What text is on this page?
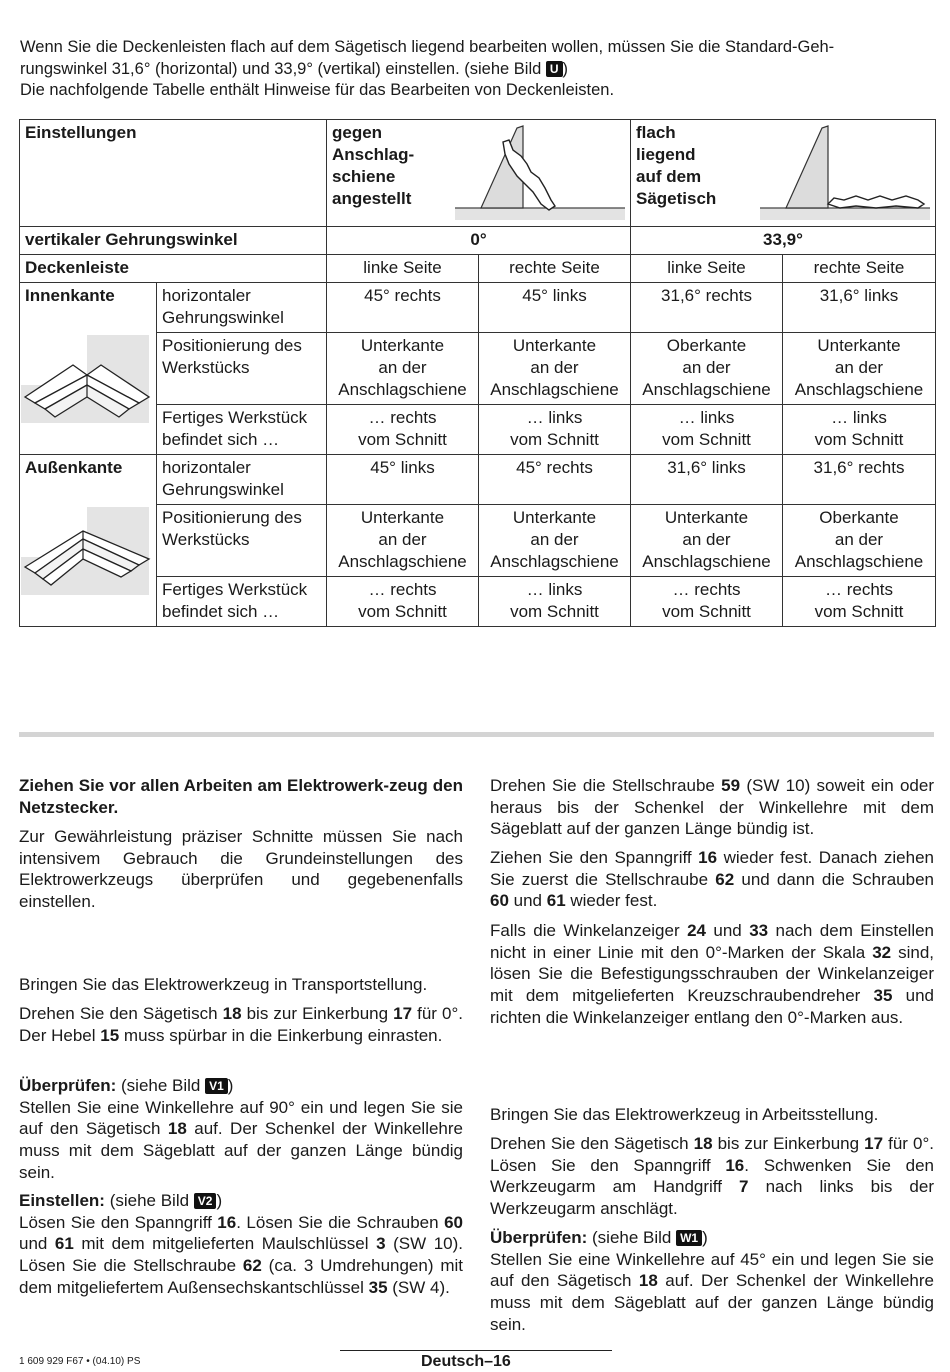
Wenn Sie die Deckenleisten flach auf dem Sägetisch liegend bearbeiten wollen, müssen Sie die Standard-Geh-
rungswinkel 31,6° (horizontal) und 33,9° (vertikal) einstellen. (siehe Bild U )
Die nachfolgende Tabelle enthält Hinweise für das Bearbeiten von Deckenleisten.
Einstellungen		gegen
Anschlag-
schiene
angestellt		flach
liegend
auf dem
Sägetisch	

vertikaler Gehrungswinkel		0°		33,9°	
Deckenleiste		linke Seite	rechte Seite	linke Seite	rechte Seite
Innenkante	horizontaler
Gehrungswinkel	45° rechts	45° links	31,6° rechts	31,6° links
	Positionierung des
Werkstücks	Unterkante
an der
Anschlagschiene	Unterkante
an der
Anschlagschiene	Oberkante
an der
Anschlagschiene	Unterkante
an der
Anschlagschiene
	Fertiges Werkstück
befindet sich …	… rechts
vom Schnitt	… links
vom Schnitt	… links
vom Schnitt	… links
vom Schnitt
Außenkante	horizontaler
Gehrungswinkel	45° links	45° rechts	31,6° links	31,6° rechts
	Positionierung des
Werkstücks	Unterkante
an der
Anschlagschiene	Unterkante
an der
Anschlagschiene	Unterkante
an der
Anschlagschiene	Oberkante
an der
Anschlagschiene
	Fertiges Werkstück
befindet sich …	… rechts
vom Schnitt	… links
vom Schnitt	… rechts
vom Schnitt	… rechts
vom Schnitt
Ziehen Sie vor allen Arbeiten am Elektrowerk-zeug den Netzstecker.
Zur Gewährleistung präziser Schnitte müssen Sie nach intensivem Gebrauch die Grundeinstellungen des Elektrowerkzeugs überprüfen und gegebenenfalls einstellen.
Bringen Sie das Elektrowerkzeug in Transportstellung.
Drehen Sie den Sägetisch 18 bis zur Einkerbung 17 für 0°. Der Hebel 15 muss spürbar in die Einkerbung einrasten.
Überprüfen: (siehe Bild V1 )
Stellen Sie eine Winkellehre auf 90° ein und legen Sie sie auf den Sägetisch 18 auf. Der Schenkel der Winkellehre muss mit dem Sägeblatt auf der ganzen Länge bündig sein.
Einstellen: (siehe Bild V2 )
Lösen Sie den Spanngriff 16. Lösen Sie die Schrauben 60 und 61 mit dem mitgelieferten Maulschlüssel 3 (SW 10). Lösen Sie die Stellschraube 62 (ca. 3 Umdrehungen) mit dem mitgeliefertem Außensechskantschlüssel 35 (SW 4).
Drehen Sie die Stellschraube 59 (SW 10) soweit ein oder heraus bis der Schenkel der Winkellehre mit dem Sägeblatt auf der ganzen Länge bündig ist.
Ziehen Sie den Spanngriff 16 wieder fest. Danach ziehen Sie zuerst die Stellschraube 62 und dann die Schrauben 60 und 61 wieder fest.
Falls die Winkelanzeiger 24 und 33 nach dem Einstellen nicht in einer Linie mit den 0°-Marken der Skala 32 sind, lösen Sie die Befestigungsschrauben der Winkelanzeiger mit dem mitgelieferten Kreuzschraubendreher 35 und richten die Winkelanzeiger entlang den 0°-Marken aus.
Bringen Sie das Elektrowerkzeug in Arbeitsstellung.
Drehen Sie den Sägetisch 18 bis zur Einkerbung 17 für 0°. Lösen Sie den Spanngriff 16. Schwenken Sie den Werkzeugarm am Handgriff 7 nach links bis der Werkzeugarm anschlägt.
Überprüfen: (siehe Bild W1 )
Stellen Sie eine Winkellehre auf 45° ein und legen Sie sie auf den Sägetisch 18 auf. Der Schenkel der Winkellehre muss mit dem Sägeblatt auf der ganzen Länge bündig sein.
1 609 929 F67 • (04.10) PS	Deutsch–16
